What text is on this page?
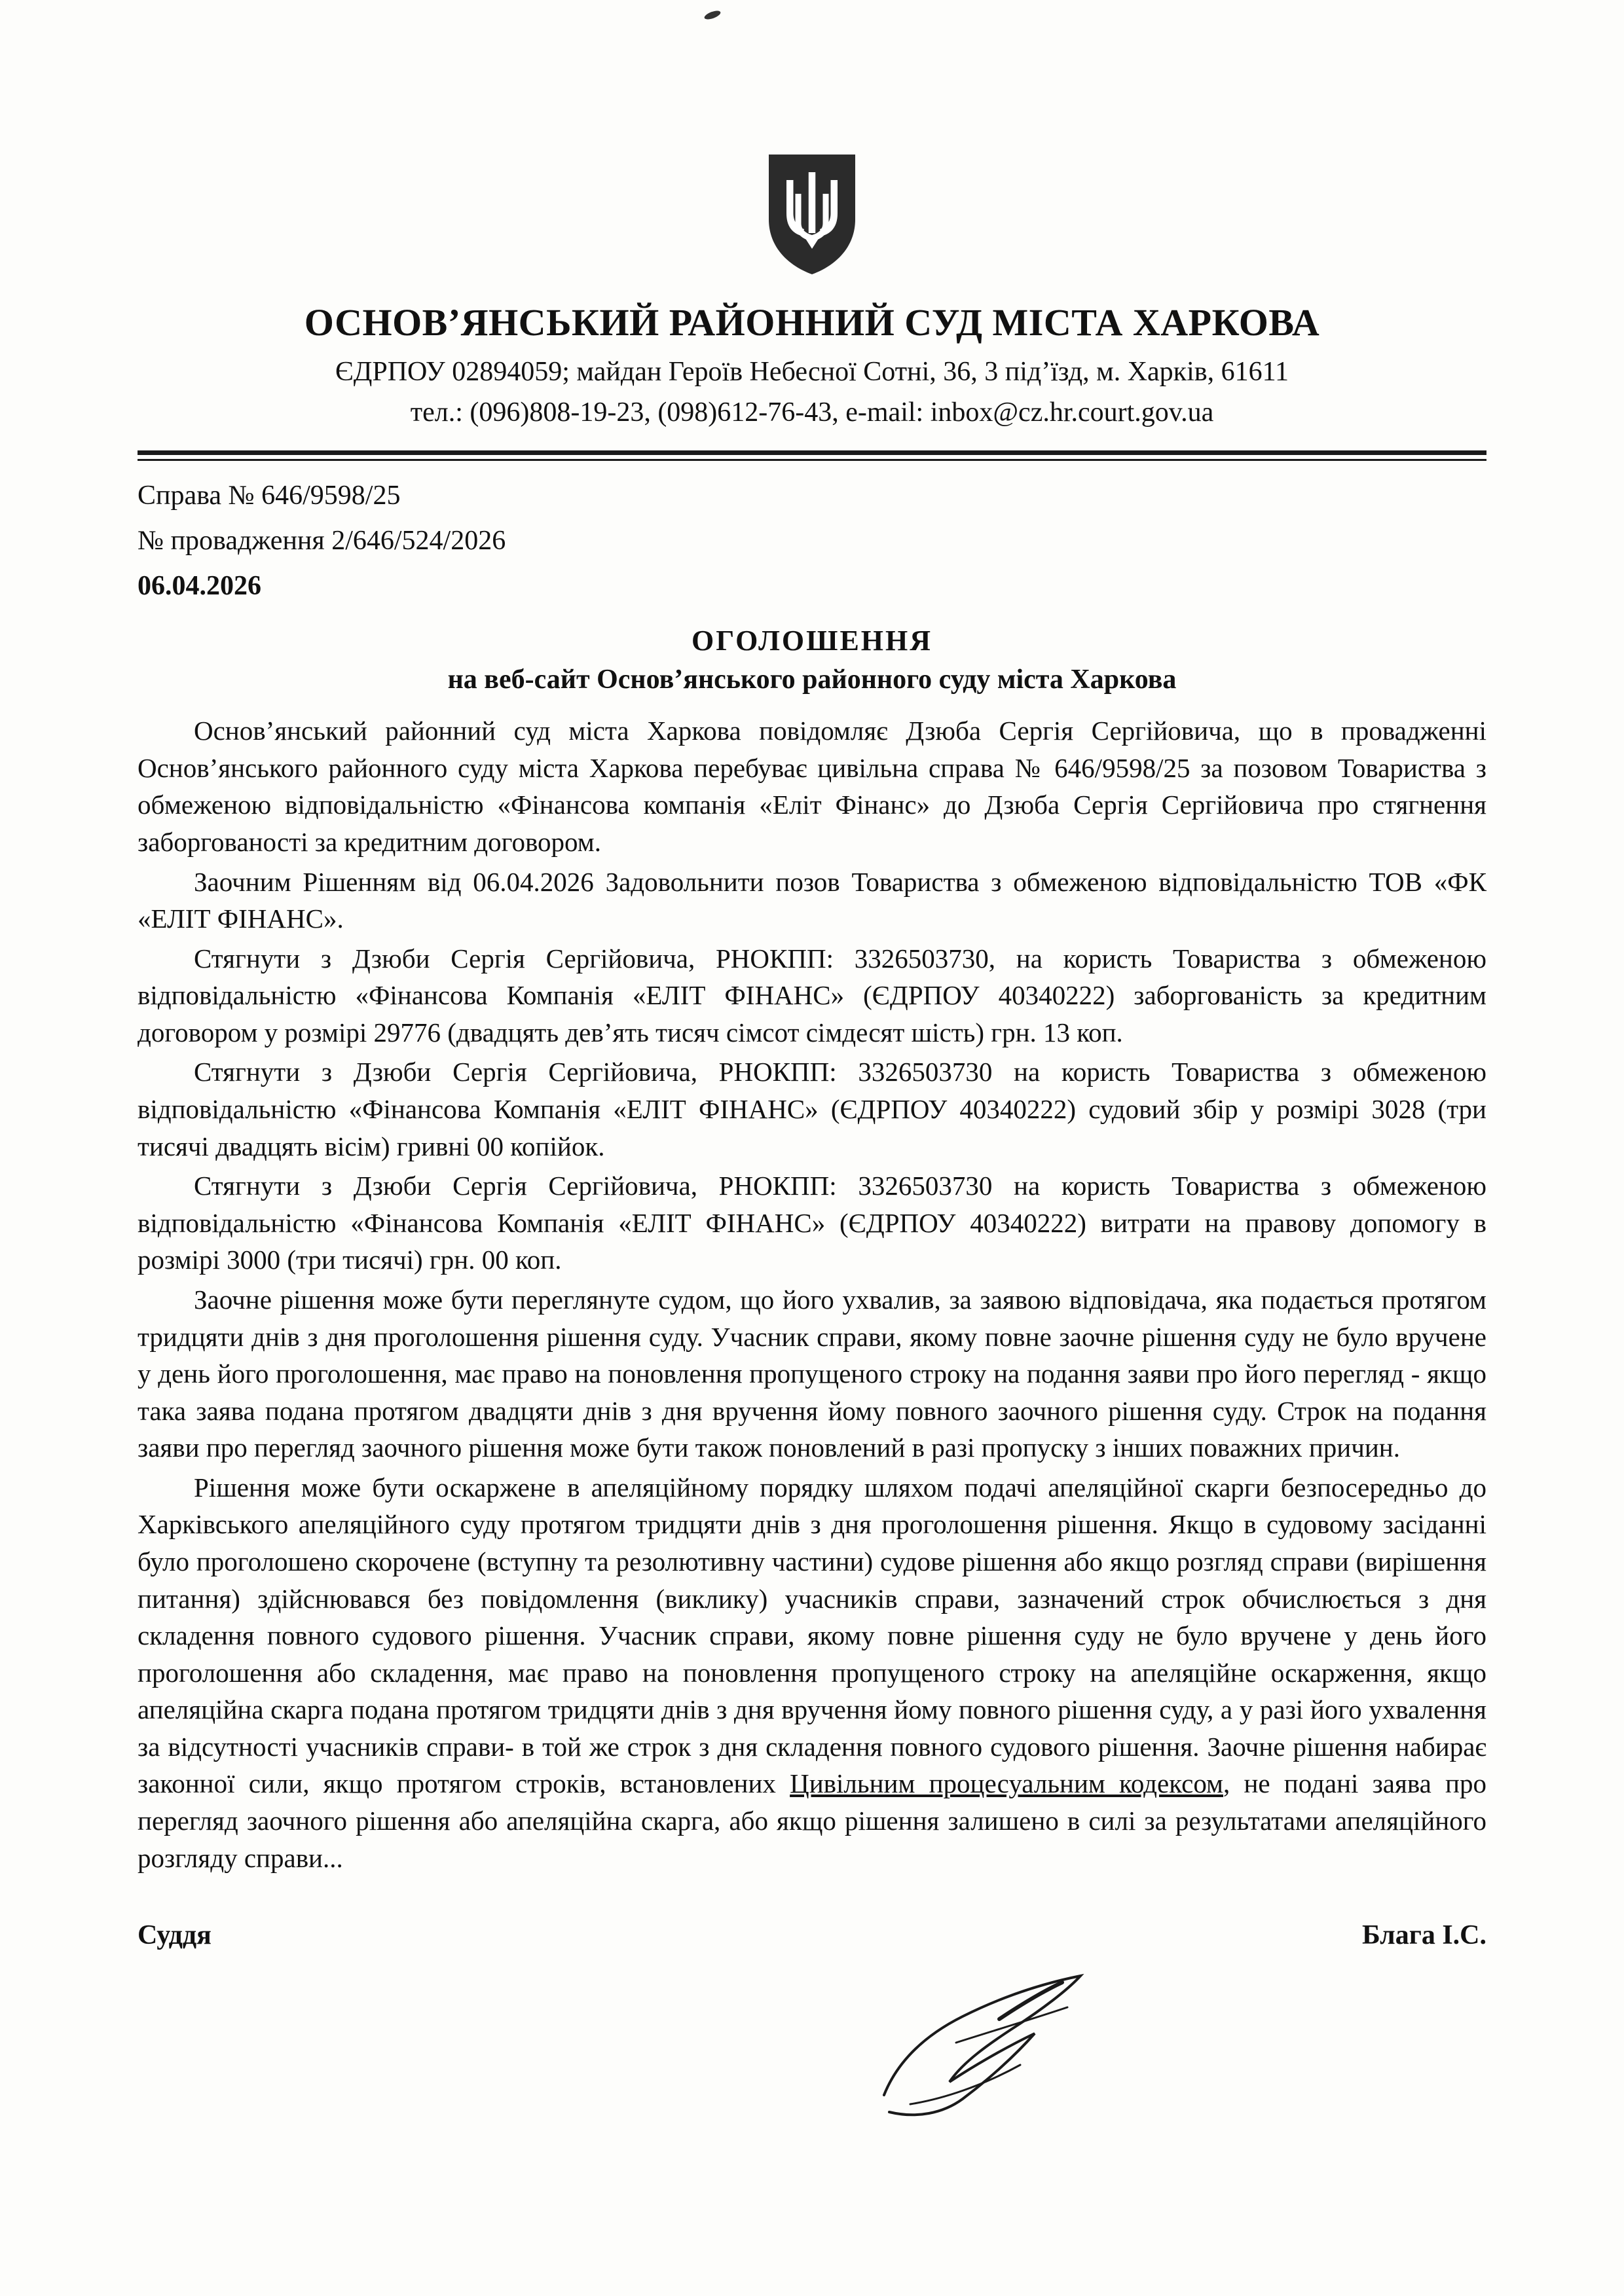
ОСНОВ’ЯНСЬКИЙ РАЙОННИЙ СУД МІСТА ХАРКОВА
ЄДРПОУ 02894059; майдан Героїв Небесної Сотні, 36, 3 під’їзд, м. Харків, 61611
тел.: (096)808-19-23, (098)612-76-43, e-mail: inbox@cz.hr.court.gov.ua
Справа № 646/9598/25
№ провадження 2/646/524/2026
06.04.2026
ОГОЛОШЕННЯ
на веб-сайт Основ’янського районного суду міста Харкова

Основ’янський районний суд міста Харкова повідомляє Дзюба Сергія Сергійовича, що в провадженні Основ’янського районного суду міста Харкова перебуває цивільна справа № 646/9598/25 за позовом Товариства з обмеженою відповідальністю «Фінансова компанія «Еліт Фінанс» до Дзюба Сергія Сергійовича про стягнення заборгованості за кредитним договором.

Заочним Рішенням від 06.04.2026 Задовольнити позов Товариства з обмеженою відповідальністю ТОВ «ФК «ЕЛІТ ФІНАНС».

Стягнути з Дзюби Сергія Сергійовича, РНОКПП: 3326503730, на користь Товариства з обмеженою відповідальністю «Фінансова Компанія «ЕЛІТ ФІНАНС» (ЄДРПОУ 40340222) заборгованість за кредитним договором у розмірі 29776 (двадцять дев’ять тисяч сімсот сімдесят шість) грн. 13 коп.

Стягнути з Дзюби Сергія Сергійовича, РНОКПП: 3326503730 на користь Товариства з обмеженою відповідальністю «Фінансова Компанія «ЕЛІТ ФІНАНС» (ЄДРПОУ 40340222) судовий збір у розмірі 3028 (три тисячі двадцять вісім) гривні 00 копійок.

Стягнути з Дзюби Сергія Сергійовича, РНОКПП: 3326503730 на користь Товариства з обмеженою відповідальністю «Фінансова Компанія «ЕЛІТ ФІНАНС» (ЄДРПОУ 40340222) витрати на правову допомогу в розмірі 3000 (три тисячі) грн. 00 коп.

Заочне рішення може бути переглянуте судом, що його ухвалив, за заявою відповідача, яка подається протягом тридцяти днів з дня проголошення рішення суду. Учасник справи, якому повне заочне рішення суду не було вручене у день його проголошення, має право на поновлення пропущеного строку на подання заяви про його перегляд - якщо така заява подана протягом двадцяти днів з дня вручення йому повного заочного рішення суду. Строк на подання заяви про перегляд заочного рішення може бути також поновлений в разі пропуску з інших поважних причин.

Рішення може бути оскаржене в апеляційному порядку шляхом подачі апеляційної скарги безпосередньо до Харківського апеляційного суду протягом тридцяти днів з дня проголошення рішення. Якщо в судовому засіданні було проголошено скорочене (вступну та резолютивну частини) судове рішення або якщо розгляд справи (вирішення питання) здійснювався без повідомлення (виклику) учасників справи, зазначений строк обчислюється з дня складення повного судового рішення. Учасник справи, якому повне рішення суду не було вручене у день його проголошення або складення, має право на поновлення пропущеного строку на апеляційне оскарження, якщо апеляційна скарга подана протягом тридцяти днів з дня вручення йому повного рішення суду, а у разі його ухвалення за відсутності учасників справи- в той же строк з дня складення повного судового рішення. Заочне рішення набирає законної сили, якщо протягом строків, встановлених Цивільним процесуальним кодексом, не подані заява про перегляд заочного рішення або апеляційна скарга, або якщо рішення залишено в силі за результатами апеляційного розгляду справи...

Суддя	Блага І.С.
